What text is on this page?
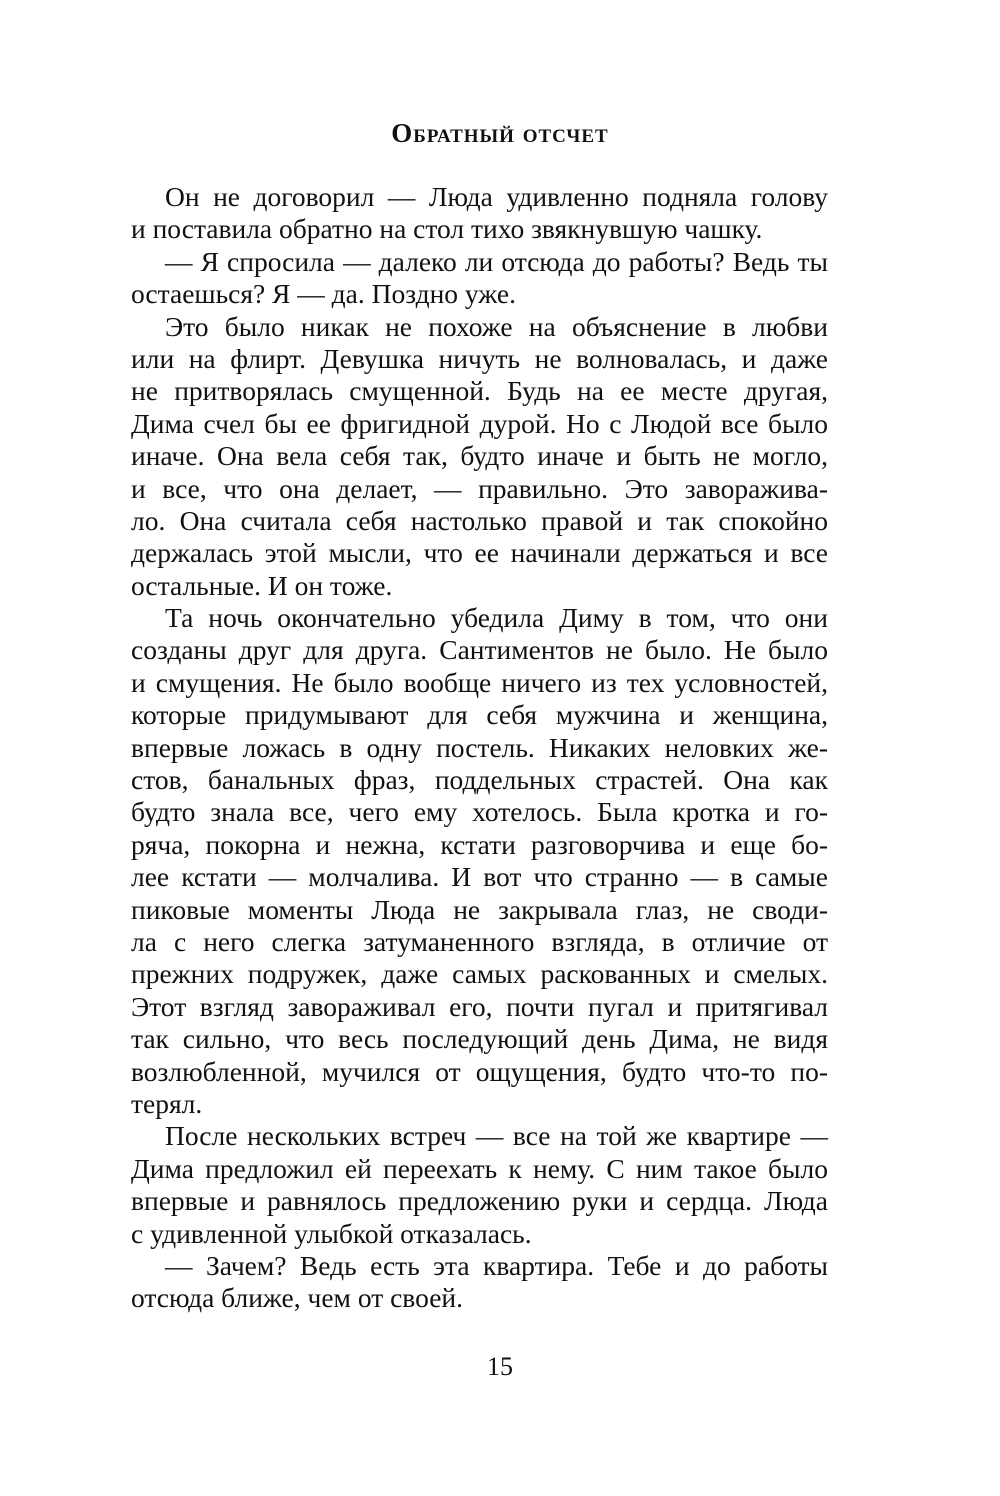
Обратный отсчет
Он не договорил — Люда удивленно подняла голову
и поставила обратно на стол тихо звякнувшую чашку.
— Я спросила — далеко ли отсюда до работы? Ведь ты
остаешься? Я — да. Поздно уже.
Это было никак не похоже на объяснение в любви
или на флирт. Девушка ничуть не волновалась, и даже
не притворялась смущенной. Будь на ее месте другая,
Дима счел бы ее фригидной дурой. Но с Людой все было
иначе. Она вела себя так, будто иначе и быть не могло,
и все, что она делает, — правильно. Это заворажива-
ло. Она считала себя настолько правой и так спокойно
держалась этой мысли, что ее начинали держаться и все
остальные. И он тоже.
Та ночь окончательно убедила Диму в том, что они
созданы друг для друга. Сантиментов не было. Не было
и смущения. Не было вообще ничего из тех условностей,
которые придумывают для себя мужчина и женщина,
впервые ложась в одну постель. Никаких неловких же-
стов, банальных фраз, поддельных страстей. Она как
будто знала все, чего ему хотелось. Была кротка и го-
ряча, покорна и нежна, кстати разговорчива и еще бо-
лее кстати — молчалива. И вот что странно — в самые
пиковые моменты Люда не закрывала глаз, не своди-
ла с него слегка затуманенного взгляда, в отличие от
прежних подружек, даже самых раскованных и смелых.
Этот взгляд завораживал его, почти пугал и притягивал
так сильно, что весь последующий день Дима, не видя
возлюбленной, мучился от ощущения, будто что-то по-
терял.
После нескольких встреч — все на той же квартире —
Дима предложил ей переехать к нему. С ним такое было
впервые и равнялось предложению руки и сердца. Люда
с удивленной улыбкой отказалась.
— Зачем? Ведь есть эта квартира. Тебе и до работы
отсюда ближе, чем от своей.
15
